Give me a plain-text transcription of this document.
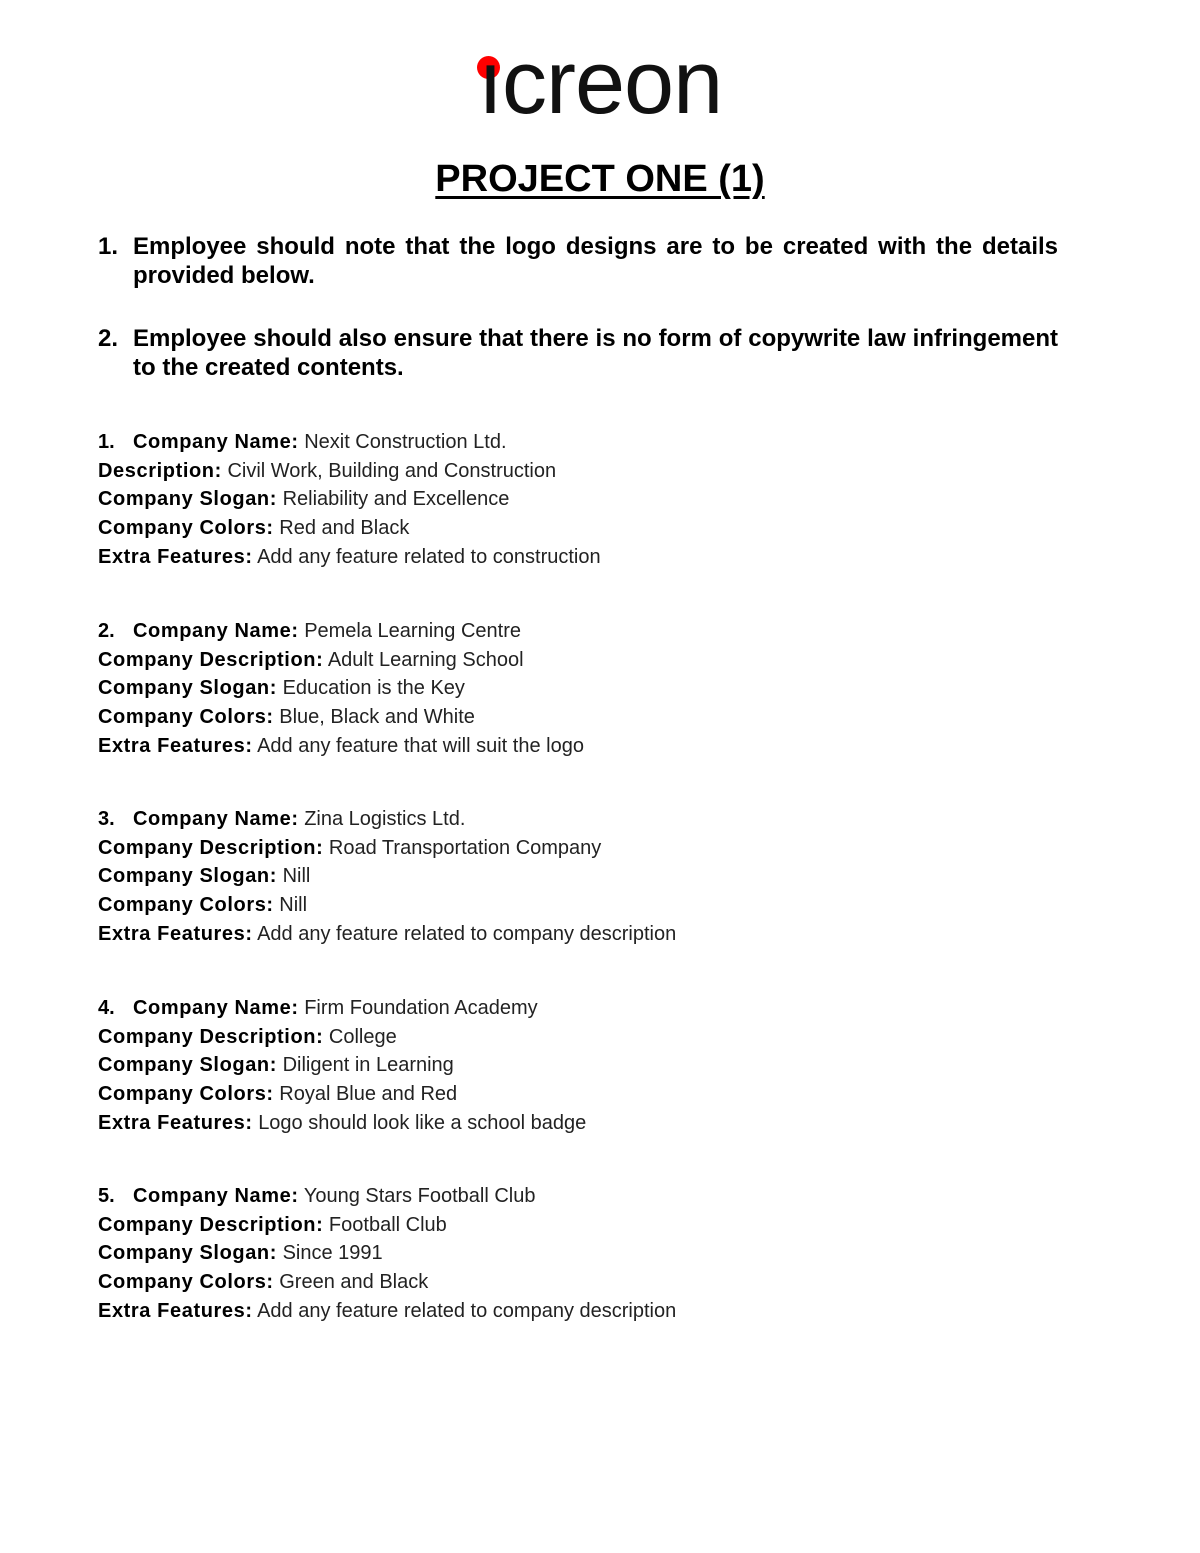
ıcreon
PROJECT ONE (1)
1. Employee should note that the logo designs are to be created with the details provided below.
2. Employee should also ensure that there is no form of copywrite law infringement to the created contents.
1. Company Name: Nexit Construction Ltd.
Description: Civil Work, Building and Construction
Company Slogan: Reliability and Excellence
Company Colors: Red and Black
Extra Features: Add any feature related to construction
2. Company Name: Pemela Learning Centre
Company Description: Adult Learning School
Company Slogan: Education is the Key
Company Colors: Blue, Black and White
Extra Features: Add any feature that will suit the logo
3. Company Name: Zina Logistics Ltd.
Company Description: Road Transportation Company
Company Slogan: Nill
Company Colors: Nill
Extra Features: Add any feature related to company description
4. Company Name: Firm Foundation Academy
Company Description: College
Company Slogan: Diligent in Learning
Company Colors: Royal Blue and Red
Extra Features: Logo should look like a school badge
5. Company Name: Young Stars Football Club
Company Description: Football Club
Company Slogan: Since 1991
Company Colors: Green and Black
Extra Features: Add any feature related to company description
